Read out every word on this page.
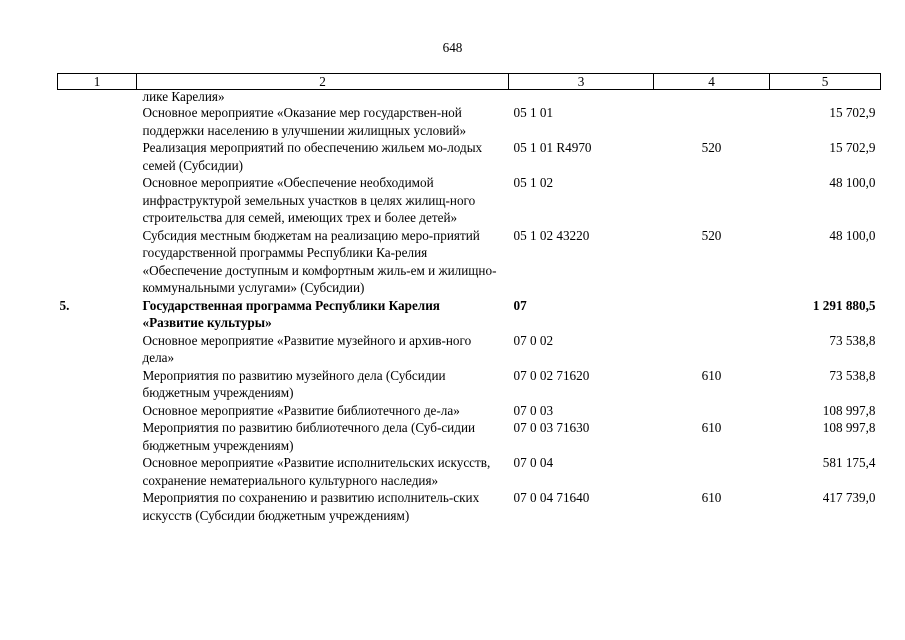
648
1	2	3	4	5
	лике Карелия»			
	Основное мероприятие «Оказание мер государствен-ной поддержки населению в улучшении жилищных условий»	05 1 01		15 702,9
	Реализация мероприятий по обеспечению жильем мо-лодых семей (Субсидии)	05 1 01 R4970	520	15 702,9
	Основное мероприятие «Обеспечение необходимой инфраструктурой земельных участков в целях жилищ-ного строительства для семей, имеющих трех и более детей»	05 1 02		48 100,0
	Субсидия местным бюджетам на реализацию меро-приятий государственной программы Республики Ка-релия «Обеспечение доступным и комфортным жиль-ем и жилищно-коммунальными услугами» (Субсидии)	05 1 02 43220	520	48 100,0
5.	Государственная программа Республики Карелия «Развитие культуры»	07		1 291 880,5
	Основное мероприятие «Развитие музейного и архив-ного дела»	07 0 02		73 538,8
	Мероприятия по развитию музейного дела (Субсидии бюджетным учреждениям)	07 0 02 71620	610	73 538,8
	Основное мероприятие «Развитие библиотечного де-ла»	07 0 03		108 997,8
	Мероприятия по развитию библиотечного дела (Суб-сидии бюджетным учреждениям)	07 0 03 71630	610	108 997,8
	Основное мероприятие «Развитие исполнительских искусств, сохранение нематериального культурного наследия»	07 0 04		581 175,4
	Мероприятия по сохранению и развитию исполнитель-ских искусств (Субсидии бюджетным учреждениям)	07 0 04 71640	610	417 739,0
